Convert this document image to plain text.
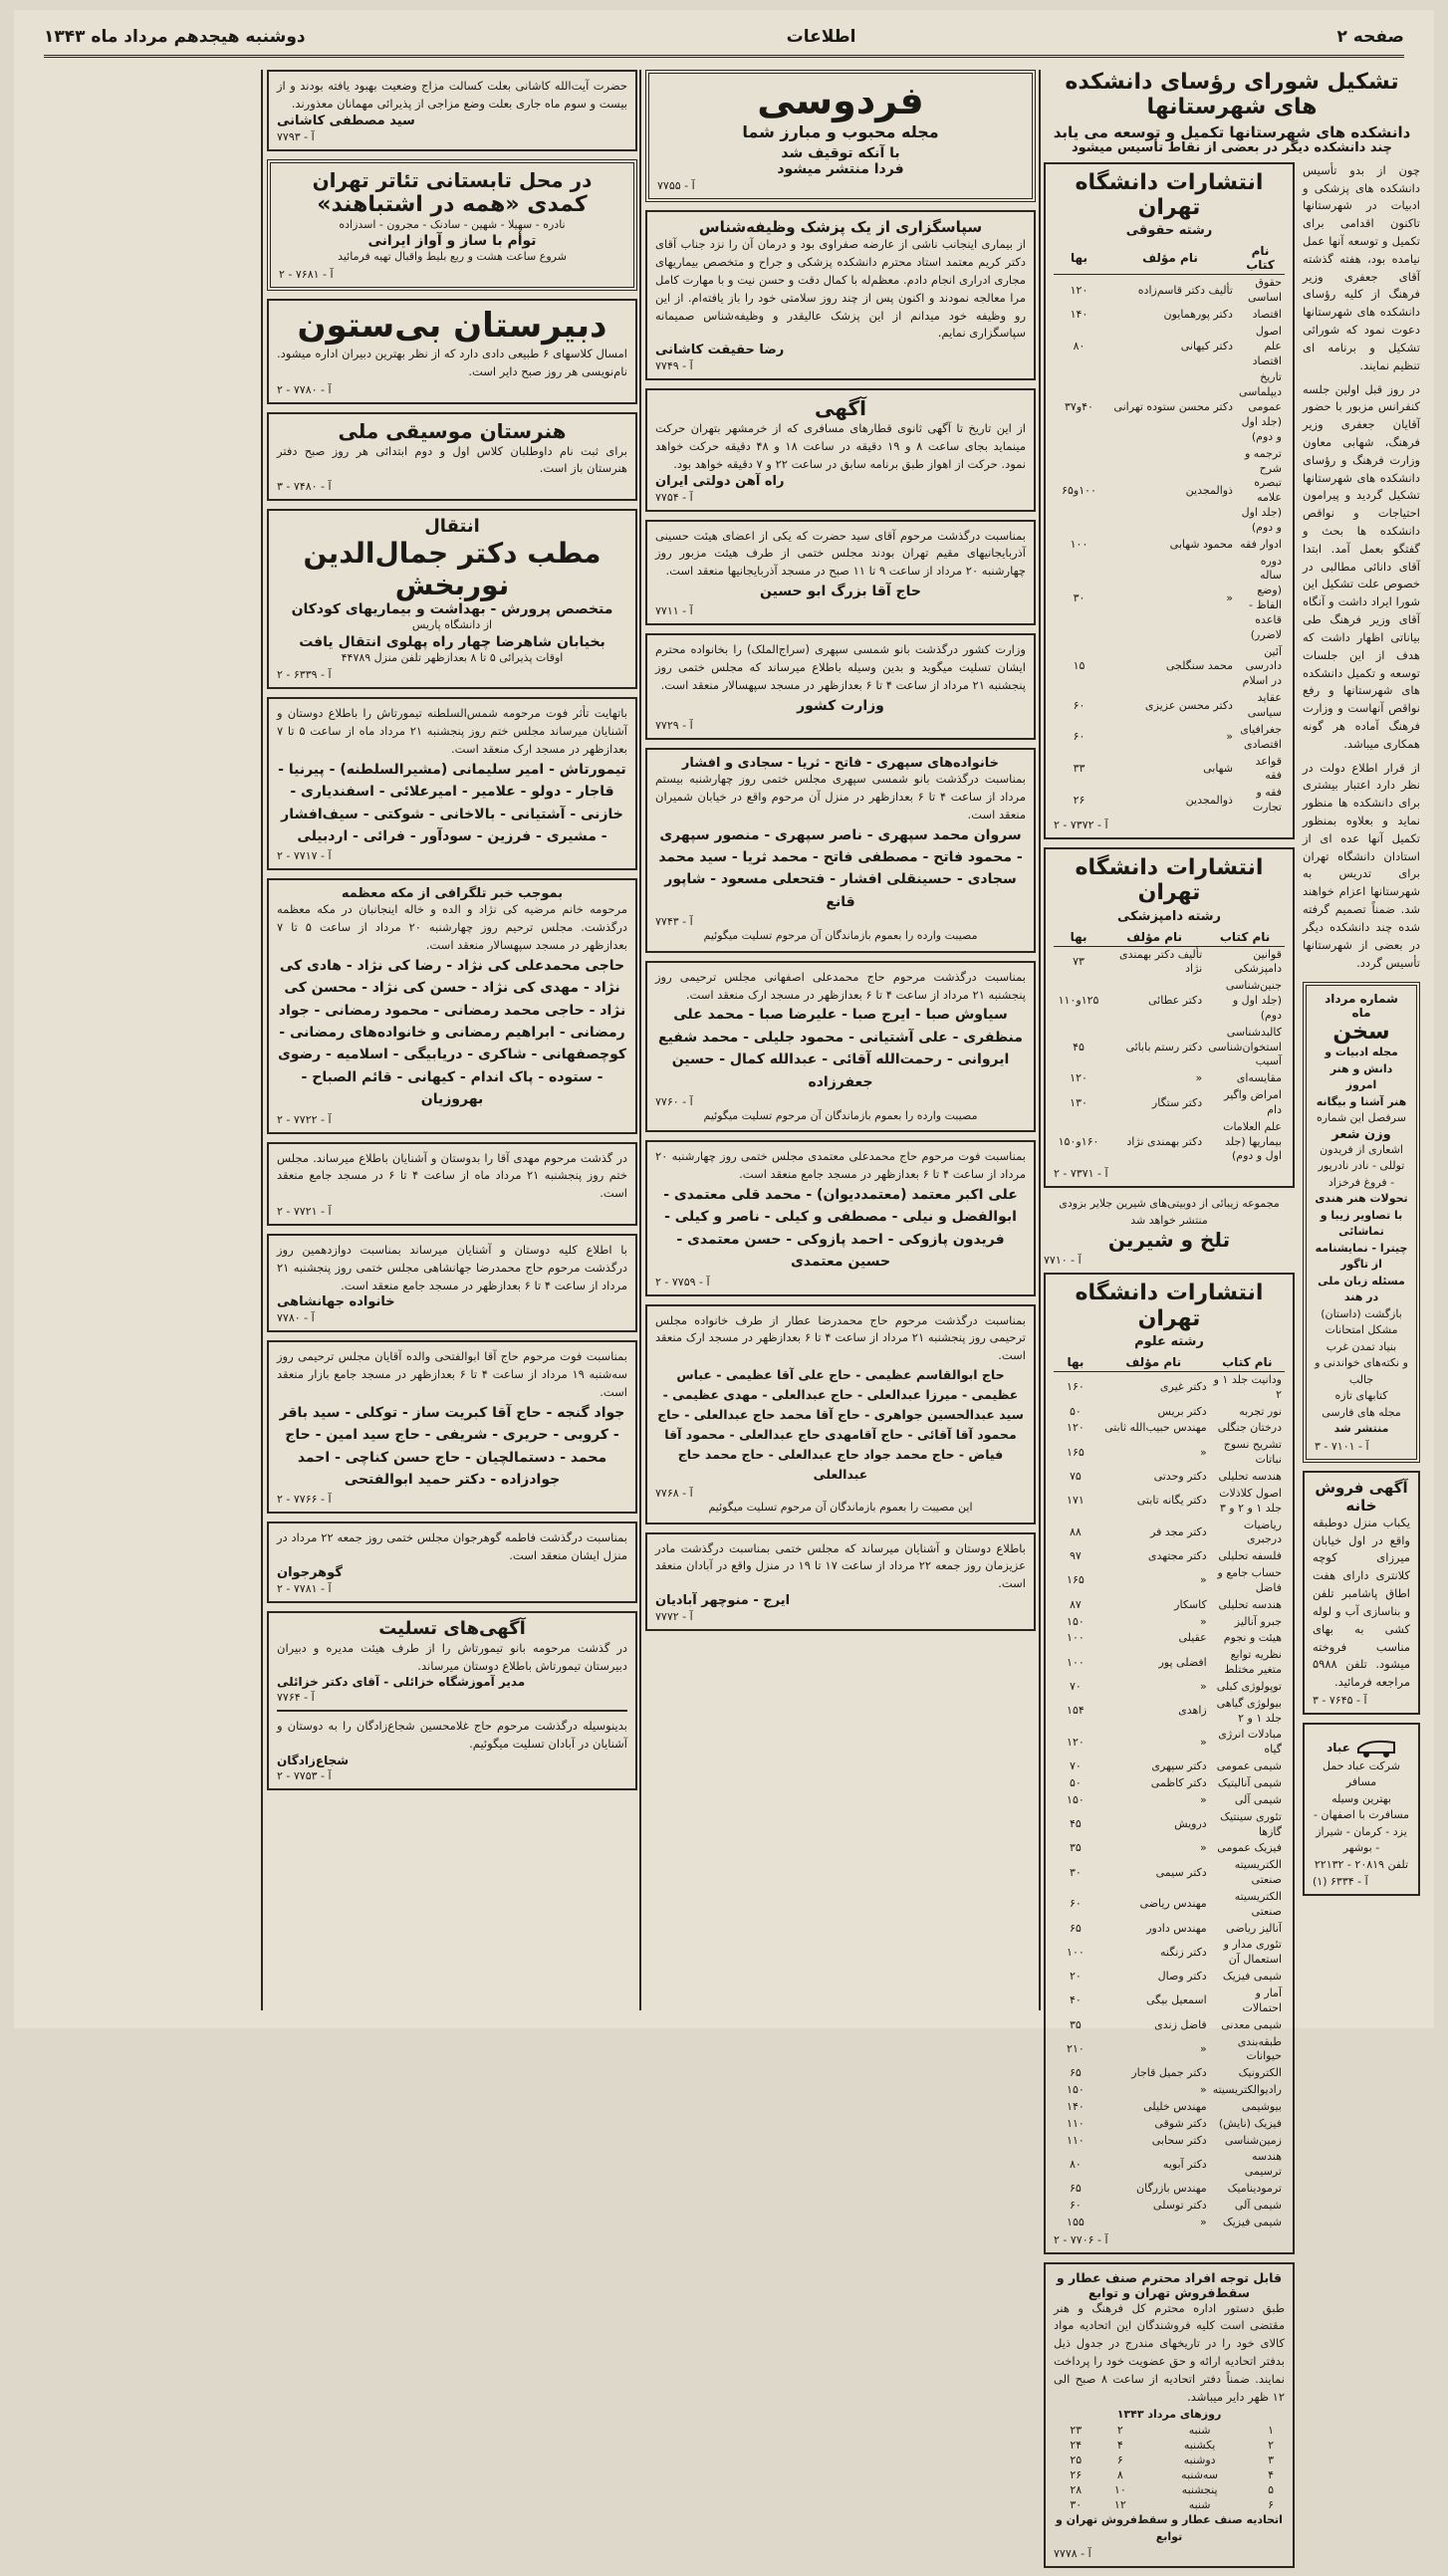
صفحه ۲
اطلاعات
دوشنبه هیجدهم مرداد ماه ۱۳۴۳
تشکیل شورای رؤسای دانشکده های شهرستانها
دانشکده های شهرستانها تکمیل و توسعه می یابد
چند دانشکده دیگر در بعضی از نقاط تأسیس میشود

چون از بدو تأسیس دانشکده های پزشکی و ادبیات در شهرستانها تاکنون اقدامی برای تکمیل و توسعه آنها عمل نیامده بود، هفته گذشته آقای جعفری وزیر فرهنگ از کلیه رؤسای دانشکده های شهرستانها دعوت نمود که شورائی تشکیل و برنامه ای تنظیم نمایند.

در روز قبل اولین جلسه کنفرانس مزبور با حضور آقایان جعفری وزیر فرهنگ، شهابی معاون وزارت فرهنگ و رؤسای دانشکده های شهرستانها تشکیل گردید و پیرامون احتیاجات و نواقص دانشکده ها بحث و گفتگو بعمل آمد. ابتدا آقای دانائی مطالبی در خصوص علت تشکیل این شورا ایراد داشت و آنگاه آقای وزیر فرهنگ طی بیاناتی اظهار داشت که هدف از این جلسات توسعه و تکمیل دانشکده های شهرستانها و رفع نواقص آنهاست و وزارت فرهنگ آماده هر گونه همکاری میباشد.

از قرار اطلاع دولت در نظر دارد اعتبار بیشتری برای دانشکده ها منظور نماید و بعلاوه بمنظور تکمیل آنها عده ای از استادان دانشگاه تهران برای تدریس به شهرستانها اعزام خواهند شد. ضمناً تصمیم گرفته شده چند دانشکده دیگر در بعضی از شهرستانها تأسیس گردد.

شماره مرداد ماه
سخن
مجله ادبیات و دانش و هنر امروز
هنر آشنا و بیگانه
سرفصل این شماره
وزن شعر
اشعاری از فریدون توللی - نادر نادرپور - فروغ فرخزاد
تحولات هنر هندی با تصاویر زیبا و تماشائی
چیترا - نمایشنامه از تاگور
مسئله زبان ملی در هند
بازگشت (داستان)
مشکل امتحانات
بنیاد تمدن غرب
و نکته‌های خواندنی و جالب
کتابهای تازه
مجله های فارسی
منتشر شد
آ - ۷۱۰۱ - ۳
آگهی فروش خانه

یکباب منزل دوطبقه واقع در اول خیابان میرزای کوچه کلانتری دارای هفت اطاق پاشامبر تلفن و بناسازی آب و لوله کشی به بهای مناسب فروخته میشود. تلفن ۵۹۸۸ مراجعه فرمائید.

آ - ۷۶۴۵ - ۳
عباد
شرکت عباد حمل مسافر
بهترین وسیله مسافرت با اصفهان - یزد - کرمان - شیراز - بوشهر
تلفن ۲۰۸۱۹ - ۲۲۱۳۲
آ - ۶۳۳۴ (۱)
انتشارات دانشگاه تهران
رشته حقوقی
نام کتاب	نام مؤلف	بها
حقوق اساسی	تألیف دکتر قاسم‌زاده	۱۲۰
اقتصاد	دکتر پورهمایون	۱۴۰
اصول علم اقتصاد	دکتر کیهانی	۸۰
تاریخ دیپلماسی عمومی (جلد اول و دوم)	دکتر محسن ستوده تهرانی	۴۰و۳۷
ترجمه و شرح تبصره علامه (جلد اول و دوم)	ذوالمجدین	۱۰۰و۶۵
ادوار فقه	محمود شهابی	۱۰۰
دوره ساله (وضع الفاظ - قاعده لاضرر)	«	۳۰
آئین دادرسی در اسلام	محمد سنگلجی	۱۵
عقاید سیاسی	دکتر محسن عزیزی	۶۰
جغرافیای اقتصادی	«	۶۰
قواعد فقه	شهابی	۳۳
فقه و تجارت	ذوالمجدین	۲۶
آ - ۷۳۷۲ - ۲
انتشارات دانشگاه تهران
رشته دامپزشکی
نام کتاب	نام مؤلف	بها
قوانین دامپزشکی	تألیف دکتر بهمندی نژاد	۷۳
جنین‌شناسی (جلد اول و دوم)	دکتر عطائی	۱۲۵و۱۱۰
کالبدشناسی استخوان‌شناسی آسیب	دکتر رستم بابائی	۴۵
مقایسه‌ای	«	۱۲۰
امراض واگیر دام	دکتر ستگار	۱۳۰
علم العلامات بیماریها (جلد اول و دوم)	دکتر بهمندی نژاد	۱۶۰و۱۵۰
آ - ۷۳۷۱ - ۲
مجموعه زیبائی از دوبیتی‌های شیرین جلایر بزودی منتشر خواهد شد
تلخ و شیرین
آ - ۷۷۱۰
انتشارات دانشگاه تهران
رشته علوم
نام کتاب	نام مؤلف	بها
ودانیت جلد ۱ و ۲	دکتر غیری	۱۶۰
نور تجربه	دکتر بریس	۵۰
درختان جنگلی	مهندس حبیب‌الله ثابتی	۱۲۰
تشریح نسوج نباتات	«	۱۶۵
هندسه تحلیلی	دکتر وحدتی	۷۵
اصول کلاذلات جلد ۱ و ۲ و ۳	دکتر یگانه تابتی	۱۷۱
ریاضیات درجبری	دکتر مجد فر	۸۸
فلسفه تحلیلی	دکتر مجتهدی	۹۷
حساب جامع و فاضل	«	۱۶۵
هندسه تحلیلی	کاسکار	۸۷
جبرو آنالیز	«	۱۵۰
هیئت و نجوم	عقیلی	۱۰۰
نظریه توابع متغیر مختلط	افضلی پور	۱۰۰
توپولوژی کبلی	«	۷۰
بیولوژی گیاهی جلد ۱ و ۲	زاهدی	۱۵۴
مبادلات انرژی گیاه	«	۱۲۰
شیمی عمومی	دکتر سپهری	۷۰
شیمی آنالیتیک	دکتر کاظمی	۵۰
شیمی آلی	«	۱۵۰
تئوری سینتیک گازها	درویش	۴۵
فیزیک عمومی	«	۳۵
الکتریسیته صنعتی	دکتر سیمی	۳۰
الکتریسیته صنعتی	مهندس ریاضی	۶۰
آنالیز ریاضی	مهندس دادور	۶۵
تئوری مدار و استعمال آن	دکتر زنگنه	۱۰۰
شیمی فیزیک	دکتر وصال	۲۰
آمار و احتمالات	اسمعیل بیگی	۴۰
شیمی معدنی	فاضل زندی	۳۵
طبقه‌بندی حیوانات	«	۲۱۰
الکترونیک	دکتر جمیل قاجار	۶۵
رادیوالکتریسیته	«	۱۵۰
بیوشیمی	مهندس خلیلی	۱۴۰
فیزیک (نایش)	دکتر شوقی	۱۱۰
زمین‌شناسی	دکتر سحابی	۱۱۰
هندسه ترسیمی	دکتر آبویه	۸۰
ترمودینامیک	مهندس بازرگان	۶۵
شیمی آلی	دکتر توسلی	۶۰
شیمی فیزیک	«	۱۵۵
آ - ۷۷۰۶ - ۲
قابل توجه افراد محترم صنف عطار و سقط‌فروش تهران و توابع

طبق دستور اداره محترم کل فرهنگ و هنر مقتضی است کلیه فروشندگان این اتحادیه مواد کالای خود را در تاریخهای مندرج در جدول ذیل بدفتر اتحادیه ارائه و حق عضویت خود را پرداخت نمایند. ضمناً دفتر اتحادیه از ساعت ۸ صبح الی ۱۲ ظهر دایر میباشد.

روزهای مرداد ۱۳۴۳
۱	شنبه	۲	۲۳
۲	یکشنبه	۴	۲۴
۳	دوشنبه	۶	۲۵
۴	سه‌شنبه	۸	۲۶
۵	پنجشنبه	۱۰	۲۸
۶	شنبه	۱۲	۳۰
اتحادیه صنف عطار و سقط‌فروش تهران و توابع
آ - ۷۷۷۸
فردوسی
مجله محبوب و مبارز شما
با آنکه توقیف شد
فردا منتشر میشود
آ - ۷۷۵۵
سپاسگزاری از یک پزشک وظیفه‌شناس

از بیماری اینجانب ناشی از عارضه صفراوی بود و درمان آن را نزد جناب آقای دکتر کریم معتمد استاد محترم دانشکده پزشکی و جراح و متخصص بیماریهای مجاری ادراری انجام دادم. معظم‌له با کمال دقت و حسن نیت و با مهارت کامل مرا معالجه نمودند و اکنون پس از چند روز سلامتی خود را باز یافته‌ام. از این رو وظیفه خود میدانم از این پزشک عالیقدر و وظیفه‌شناس صمیمانه سپاسگزاری نمایم.

رضا حقیقت کاشانی
آ - ۷۷۴۹
آگهی

از این تاریخ تا آگهی ثانوی قطارهای مسافری که از خرمشهر بتهران حرکت مینماید بجای ساعت ۸ و ۱۹ دقیقه در ساعت ۱۸ و ۴۸ دقیقه حرکت خواهد نمود. حرکت از اهواز طبق برنامه سابق در ساعت ۲۲ و ۷ دقیقه خواهد بود.

راه آهن دولتی ایران
آ - ۷۷۵۴

بمناسبت درگذشت مرحوم آقای سید حضرت که یکی از اعضای هیئت حسینی آذربایجانیهای مقیم تهران بودند مجلس ختمی از طرف هیئت مزبور روز چهارشنبه ۲۰ مرداد از ساعت ۹ تا ۱۱ صبح در مسجد آذربایجانیها منعقد است.

حاج آقا بزرگ ابو حسین
آ - ۷۷۱۱

وزارت کشور درگذشت بانو شمسی سپهری (سراج‌الملک) را بخانواده محترم ایشان تسلیت میگوید و بدین وسیله باطلاع میرساند که مجلس ختمی روز پنجشنبه ۲۱ مرداد از ساعت ۴ تا ۶ بعدازظهر در مسجد سپهسالار منعقد است.

وزارت کشور
آ - ۷۷۲۹
خانواده‌های سپهری - فاتح - ثریا - سجادی و افشار

بمناسبت درگذشت بانو شمسی سپهری مجلس ختمی روز چهارشنبه بیستم مرداد از ساعت ۴ تا ۶ بعدازظهر در منزل آن مرحوم واقع در خیابان شمیران منعقد است.

سروان محمد سپهری - ناصر سپهری - منصور سپهری - محمود فاتح - مصطفی فاتح - محمد ثریا - سید محمد سجادی - حسینقلی افشار - فتحعلی مسعود - شاپور قانع
آ - ۷۷۴۳
مصیبت وارده را بعموم بازماندگان آن مرحوم تسلیت میگوئیم

بمناسبت درگذشت مرحوم حاج محمدعلی اصفهانی مجلس ترحیمی روز پنجشنبه ۲۱ مرداد از ساعت ۴ تا ۶ بعدازظهر در مسجد ارک منعقد است.

سیاوش صبا - ایرج صبا - علیرضا صبا - محمد علی منظفری - علی آشتیانی - محمود جلیلی - محمد شفیع ایروانی - رحمت‌الله آقائی - عبدالله کمال - حسین جعفرزاده
آ - ۷۷۶۰
مصیبت وارده را بعموم بازماندگان آن مرحوم تسلیت میگوئیم

بمناسبت فوت مرحوم حاج محمدعلی معتمدی مجلس ختمی روز چهارشنبه ۲۰ مرداد از ساعت ۴ تا ۶ بعدازظهر در مسجد جامع منعقد است.

علی اکبر معتمد (معتمددیوان) - محمد قلی معتمدی - ابوالفضل و نیلی - مصطفی و کیلی - ناصر و کیلی - فریدون پازوکی - احمد پازوکی - حسن معتمدی - حسین معتمدی
آ - ۷۷۵۹ - ۲

بمناسبت درگذشت مرحوم حاج محمدرضا عطار از طرف خانواده مجلس ترحیمی روز پنجشنبه ۲۱ مرداد از ساعت ۴ تا ۶ بعدازظهر در مسجد ارک منعقد است.

حاج ابوالقاسم عظیمی - حاج علی آقا عظیمی - عباس عظیمی - میرزا عبدالعلی - حاج عبدالعلی - مهدی عظیمی - سید عبدالحسین جواهری - حاج آقا محمد حاج عبدالعلی - حاج محمود آقا آقائی - حاج آقامهدی حاج عبدالعلی - محمود آقا فیاض - حاج محمد جواد حاج عبدالعلی - حاج محمد حاج عبدالعلی
آ - ۷۷۶۸
این مصیبت را بعموم بازماندگان آن مرحوم تسلیت میگوئیم

باطلاع دوستان و آشنایان میرساند که مجلس ختمی بمناسبت درگذشت مادر عزیزمان روز جمعه ۲۲ مرداد از ساعت ۱۷ تا ۱۹ در منزل واقع در آبادان منعقد است.

ایرج - منوچهر آبادیان
آ - ۷۷۷۲

حضرت آیت‌الله کاشانی بعلت کسالت مزاج وضعیت بهبود یافته بودند و از بیست و سوم ماه جاری بعلت وضع مزاجی از پذیرائی مهمانان معذورند.

سید مصطفی کاشانی
آ - ۷۷۹۳
در محل تابستانی تئاتر تهران
کمدی «همه در اشتباهند»
نادره - سهیلا - شهین - سادنک - مجرون - اسدزاده
توأم با ساز و آواز ایرانی
شروع ساعت هشت و ربع بلیط واقبال تهیه فرمائید
آ - ۷۶۸۱ - ۲
دبیرستان بی‌ستون

امسال کلاسهای ۶ طبیعی دادی دارد که از نظر بهترین دبیران اداره میشود. نام‌نویسی هر روز صبح دایر است.

آ - ۷۷۸۰ - ۲
هنرستان موسیقی ملی

برای ثبت نام داوطلبان کلاس اول و دوم ابتدائی هر روز صبح دفتر هنرستان باز است.

آ - ۷۴۸۰ - ۳
انتقال
مطب دکتر جمال‌الدین نوربخش
متخصص پرورش - بهداشت و بیماریهای کودکان
از دانشگاه پاریس
بخیابان شاهرضا چهار راه پهلوی انتقال یافت
اوقات پذیرائی ۵ تا ۸ بعدازظهر تلفن منزل ۴۴۷۸۹
آ - ۶۳۳۹ - ۲

باتهایت تأثر فوت مرحومه شمس‌السلطنه تیمورتاش را باطلاع دوستان و آشنایان میرساند مجلس ختم روز پنجشنبه ۲۱ مرداد ماه از ساعت ۵ تا ۷ بعدازظهر در مسجد ارک منعقد است.

تیمورتاش - امیر سلیمانی (مشیرالسلطنه) - پیرنیا - قاجار - دولو - علامیر - امیرعلائی - اسفندیاری - خازنی - آشتیانی - بالاخانی - شوکتی - سیف‌افشار - مشیری - فرزین - سودآور - فرائی - اردبیلی
آ - ۷۷۱۷ - ۲
بموجب خبر تلگرافی از مکه معظمه

مرحومه خانم مرضیه کی نژاد و الده و خاله اینجانبان در مکه معظمه درگذشت. مجلس ترحیم روز چهارشنبه ۲۰ مرداد از ساعت ۵ تا ۷ بعدازظهر در مسجد سپهسالار منعقد است.

حاجی محمدعلی کی نژاد - رضا کی نژاد - هادی کی نژاد - مهدی کی نژاد - حسن کی نژاد - محسن کی نژاد - حاجی محمد رمضانی - محمود رمضانی - جواد رمضانی - ابراهیم رمضانی و خانواده‌های رمضانی - کوچصفهانی - شاکری - دریابیگی - اسلامیه - رضوی - ستوده - پاک اندام - کیهانی - قائم الصباح - بهروزیان
آ - ۷۷۲۲ - ۲

در گذشت مرحوم مهدی آقا را بدوستان و آشنایان باطلاع میرساند. مجلس ختم روز پنجشنبه ۲۱ مرداد ماه از ساعت ۴ تا ۶ در مسجد جامع منعقد است.

آ - ۷۷۲۱ - ۲

با اطلاع کلیه دوستان و آشنایان میرساند بمناسبت دوازدهمین روز درگذشت مرحوم حاج محمدرضا جهانشاهی مجلس ختمی روز پنجشنبه ۲۱ مرداد از ساعت ۴ تا ۶ بعدازظهر در مسجد جامع منعقد است.

خانواده جهانشاهی
آ - ۷۷۸۰

بمناسبت فوت مرحوم حاج آقا ابوالفتحی والده آقایان مجلس ترحیمی روز سه‌شنبه ۱۹ مرداد از ساعت ۴ تا ۶ بعدازظهر در مسجد جامع بازار منعقد است.

جواد گنجه - حاج آقا کبریت ساز - توکلی - سید باقر - کروبی - حریری - شریفی - حاج سید امین - حاج محمد - دستمالچیان - حاج حسن کناچی - احمد جوادزاده - دکتر حمید ابوالفتحی
آ - ۷۷۶۶ - ۲

بمناسبت درگذشت فاطمه گوهرجوان مجلس ختمی روز جمعه ۲۲ مرداد در منزل ایشان منعقد است.

گوهرجوان
آ - ۷۷۸۱ - ۲
آگهی‌های تسلیت

در گذشت مرحومه بانو تیمورتاش را از طرف هیئت مدیره و دبیران دبیرستان تیمورتاش باطلاع دوستان میرساند.

مدیر آموزشگاه خزائلی - آقای دکتر خزائلی
آ - ۷۷۶۴

بدینوسیله درگذشت مرحوم حاج غلامحسین شجاع‌زادگان را به دوستان و آشنایان در آبادان تسلیت میگوئیم.

شجاع‌زادگان
آ - ۷۷۵۳ - ۲
